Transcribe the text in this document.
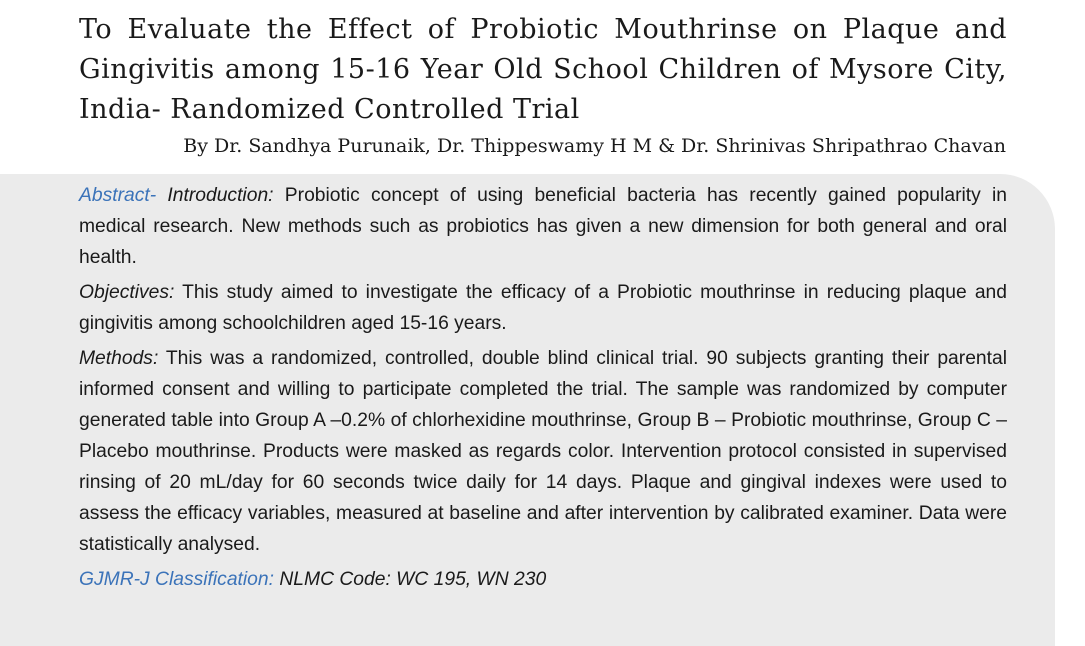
To Evaluate the Effect of Probiotic Mouthrinse on Plaque and
Gingivitis among 15-16 Year Old School Children of Mysore City,
India- Randomized Controlled Trial
By Dr. Sandhya Purunaik, Dr. Thippeswamy H M & Dr. Shrinivas Shripathrao Chavan

Abstract- Introduction: Probiotic concept of using beneficial bacteria has recently gained popularity in medical research. New methods such as probiotics has given a new dimension for both general and oral health.

Objectives: This study aimed to investigate the efficacy of a Probiotic mouthrinse in reducing plaque and gingivitis among schoolchildren aged 15-16 years.

Methods: This was a randomized, controlled, double blind clinical trial. 90 subjects granting their parental informed consent and willing to participate completed the trial. The sample was randomized by computer generated table into Group A –0.2% of chlorhexidine mouthrinse, Group B – Probiotic mouthrinse, Group C – Placebo mouthrinse. Products were masked as regards color. Intervention protocol consisted in supervised rinsing of 20 mL/day for 60 seconds twice daily for 14 days. Plaque and gingival indexes were used to assess the efficacy variables, measured at baseline and after intervention by calibrated examiner. Data were statistically analysed.

GJMR-J Classification: NLMC Code: WC 195, WN 230
